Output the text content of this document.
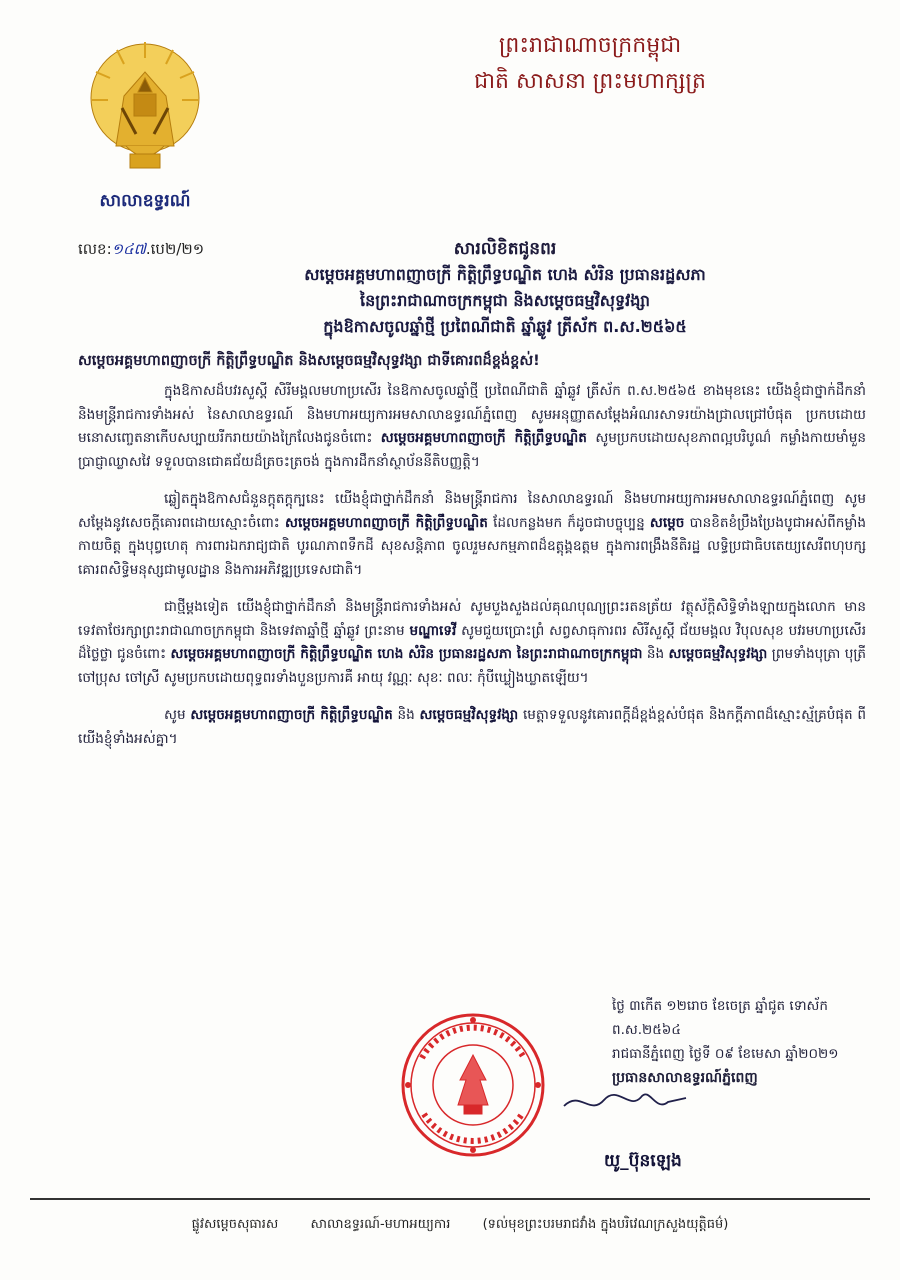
សាលាឧទ្ធរណ៍
ព្រះរាជាណាចក្រកម្ពុជា
ជាតិ សាសនា ព្រះមហាក្សត្រ
លេខ:១៤៧.បេ២/២១	សារលិខិតជូនពរ
សម្តេចអគ្គមហាពញាចក្រី កិត្តិព្រឹទ្ធបណ្ឌិត ហេង សំរិន ប្រធានរដ្ឋសភា
នៃព្រះរាជាណាចក្រកម្ពុជា និងសម្តេចធម្មវិសុទ្ធវង្សា
ក្នុងឱកាសចូលឆ្នាំថ្មី ប្រពៃណីជាតិ ឆ្នាំឆ្លូវ ត្រីស័ក ព.ស.២៥៦៥
សម្តេចអគ្គមហាពញាចក្រី កិត្តិព្រឹទ្ធបណ្ឌិត និងសម្តេចធម្មវិសុទ្ធវង្សា ជាទីគោរពដ៏ខ្ពង់ខ្ពស់!

ក្នុងឱកាសដ៏បវរសួស្តី សិរីមង្គលមហាប្រសើរ នៃឱកាសចូលឆ្នាំថ្មី ប្រពៃណីជាតិ ឆ្នាំឆ្លូវ ត្រីស័ក ព.ស.២៥៦៥ ខាងមុខនេះ យើងខ្ញុំជាថ្នាក់ដឹកនាំ និងមន្ត្រីរាជការទាំងអស់ នៃសាលាឧទ្ធរណ៍ និងមហាអយ្យការអមសាលាឧទ្ធរណ៍ភ្នំពេញ សូមអនុញ្ញាតសម្តែងអំណរសាទរយ៉ាងជ្រាលជ្រៅបំផុត ប្រកបដោយមនោសញ្ចេតនាកើបសប្បាយរីករាយយ៉ាងក្រៃលែងជូនចំពោះ សម្តេចអគ្គមហាពញាចក្រី កិត្តិព្រឹទ្ធបណ្ឌិត សូមប្រកបដោយសុខភាពល្អបរិបូណ៌ កម្លាំងកាយមាំមួន ប្រាជ្ញាឈ្លាសវៃ ទទួលបានជោគជ័យដ៏ត្រចះត្រចង់ ក្នុងការដឹកនាំស្ថាប័ននីតិបញ្ញត្តិ។

ឆ្លៀតក្នុងឱកាសជំនួនក្តុតក្តុក្បនេះ យើងខ្ញុំជាថ្នាក់ដឹកនាំ និងមន្ត្រីរាជការ នៃសាលាឧទ្ធរណ៍ និងមហាអយ្យការអមសាលាឧទ្ធរណ៍ភ្នំពេញ សូមសម្តែងនូវសេចក្តីគោរពដោយស្មោះចំពោះ សម្តេចអគ្គមហាពញាចក្រី កិត្តិព្រឹទ្ធបណ្ឌិត ដែលកន្លងមក ក៏ដូចជាបច្ចុប្បន្ន សម្តេច បានខិតខំប្រឹងប្រែងបូជាអស់ពីកម្លាំងកាយចិត្ត ក្នុងបុព្វហេតុ ការពារឯករាជ្យជាតិ បូរណភាពទឹកដី សុខសន្តិភាព ចូលរួមសកម្មភាពដ៏ឧត្តុង្គឧត្តម ក្នុងការពង្រឹងនីតិរដ្ឋ លទ្ធិប្រជាធិបតេយ្យសេរីពហុបក្ស គោរពសិទ្ធិមនុស្សជាមូលដ្ឋាន និងការអភិវឌ្ឍប្រទេសជាតិ។

ជាថ្មីម្តងទៀត យើងខ្ញុំជាថ្នាក់ដឹកនាំ និងមន្ត្រីរាជការទាំងអស់ សូមបួងសួងដល់គុណបុណ្យព្រះរតនត្រ័យ វត្ថុស័ក្តិសិទ្ធិទាំងឡាយក្នុងលោក មានទេវតាថែរក្សាព្រះរាជាណាចក្រកម្ពុជា និងទេវតាឆ្នាំថ្មី ឆ្នាំឆ្លូវ ព្រះនាម មណ្ឌាទេវី សូមជួយប្រោះព្រំ សព្វសាធុការពរ សិរីសួស្តី ជ័យមង្គល វិបុលសុខ បវរមហាប្រសើរដ៏ថ្លៃថ្លា ជូនចំពោះ សម្តេចអគ្គមហាពញាចក្រី កិត្តិព្រឹទ្ធបណ្ឌិត ហេង សំរិន ប្រធានរដ្ឋសភា នៃព្រះរាជាណាចក្រកម្ពុជា និង សម្តេចធម្មវិសុទ្ធវង្សា ព្រមទាំងបុត្រា បុត្រី ចៅប្រុស ចៅស្រី សូមប្រកបដោយពុទ្ធពរទាំងបួនប្រការគឺ អាយុ វណ្ណៈ សុខៈ ពលៈ កុំបីឃ្លៀងឃ្លាតឡើយ។

សូម សម្តេចអគ្គមហាពញាចក្រី កិត្តិព្រឹទ្ធបណ្ឌិត និង សម្តេចធម្មវិសុទ្ធវង្សា មេត្តាទទួលនូវគោរពក្តីដ៏ខ្ពង់ខ្ពស់បំផុត និងកក្តីភាពដ៏ស្មោះស្ម័គ្របំផុត ពីយើងខ្ញុំទាំងអស់គ្នា។

ថ្ងៃ ៣កើត ១២រោច ខែចេត្រ ឆ្នាំជូត ទោស័ក ព.ស.២៥៦៤
រាជធានីភ្នំពេញ ថ្ងៃទី ០៩ ខែមេសា ឆ្នាំ២០២១
ប្រធានសាលាឧទ្ធរណ៍ភ្នំពេញ
យូ_ប៊ុនឡេង
ផ្លូវសម្តេចសុធារស សាលាឧទ្ធរណ៍-មហាអយ្យការ (ទល់មុខព្រះបរមរាជវាំង ក្នុងបរិវេណក្រសួងយុត្តិធម៌)
